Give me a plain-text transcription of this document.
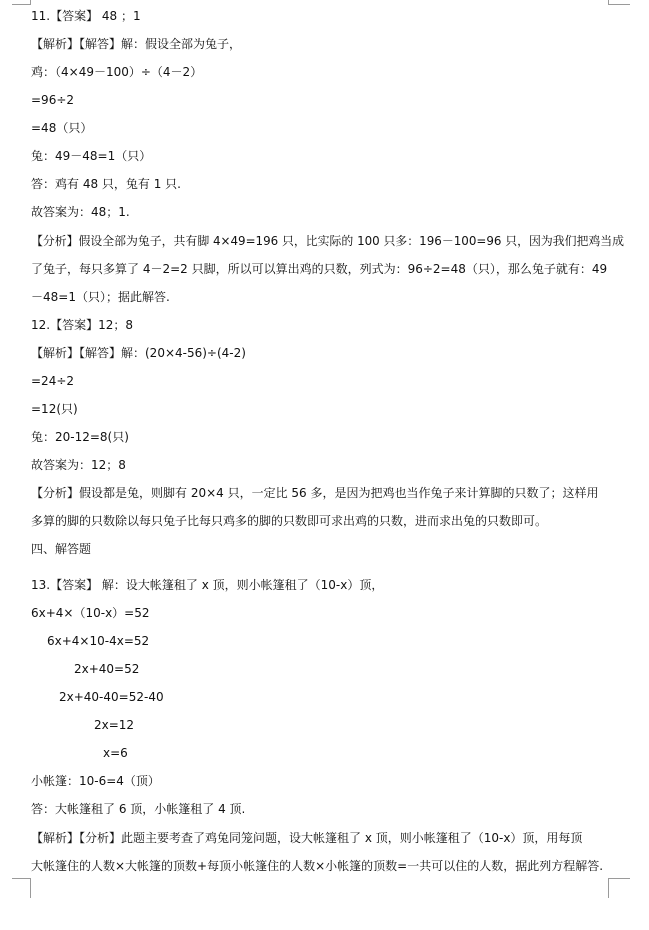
11.【答案】 48 ；1
【解析】【解答】解：假设全部为兔子，
鸡：（4×49－100）÷（4－2）
=96÷2
=48（只）
兔：49－48=1（只）
答：鸡有 48 只，兔有 1 只.
故答案为：48；1.
【分析】假设全部为兔子，共有脚 4×49=196 只，比实际的 100 只多：196－100=96 只，因为我们把鸡当成
了兔子，每只多算了 4－2=2 只脚，所以可以算出鸡的只数，列式为：96÷2=48（只），那么兔子就有：49
－48=1（只）；据此解答.
12.【答案】12；8
【解析】【解答】解：(20×4-56)÷(4-2)
=24÷2
=12(只)
兔：20-12=8(只)
故答案为：12；8
【分析】假设都是兔，则脚有 20×4 只，一定比 56 多，是因为把鸡也当作兔子来计算脚的只数了；这样用
多算的脚的只数除以每只兔子比每只鸡多的脚的只数即可求出鸡的只数，进而求出兔的只数即可。
四、解答题
13.【答案】 解：设大帐篷租了 x 顶，则小帐篷租了（10-x）顶，
6x+4×（10-x）=52
6x+4×10-4x=52
2x+40=52
2x+40-40=52-40
2x=12
x=6
小帐篷：10-6=4（顶）
答：大帐篷租了 6 顶，小帐篷租了 4 顶.
【解析】【分析】此题主要考查了鸡兔同笼问题，设大帐篷租了 x 顶，则小帐篷租了（10-x）顶，用每顶
大帐篷住的人数×大帐篷的顶数+每顶小帐篷住的人数×小帐篷的顶数=一共可以住的人数，据此列方程解答.
